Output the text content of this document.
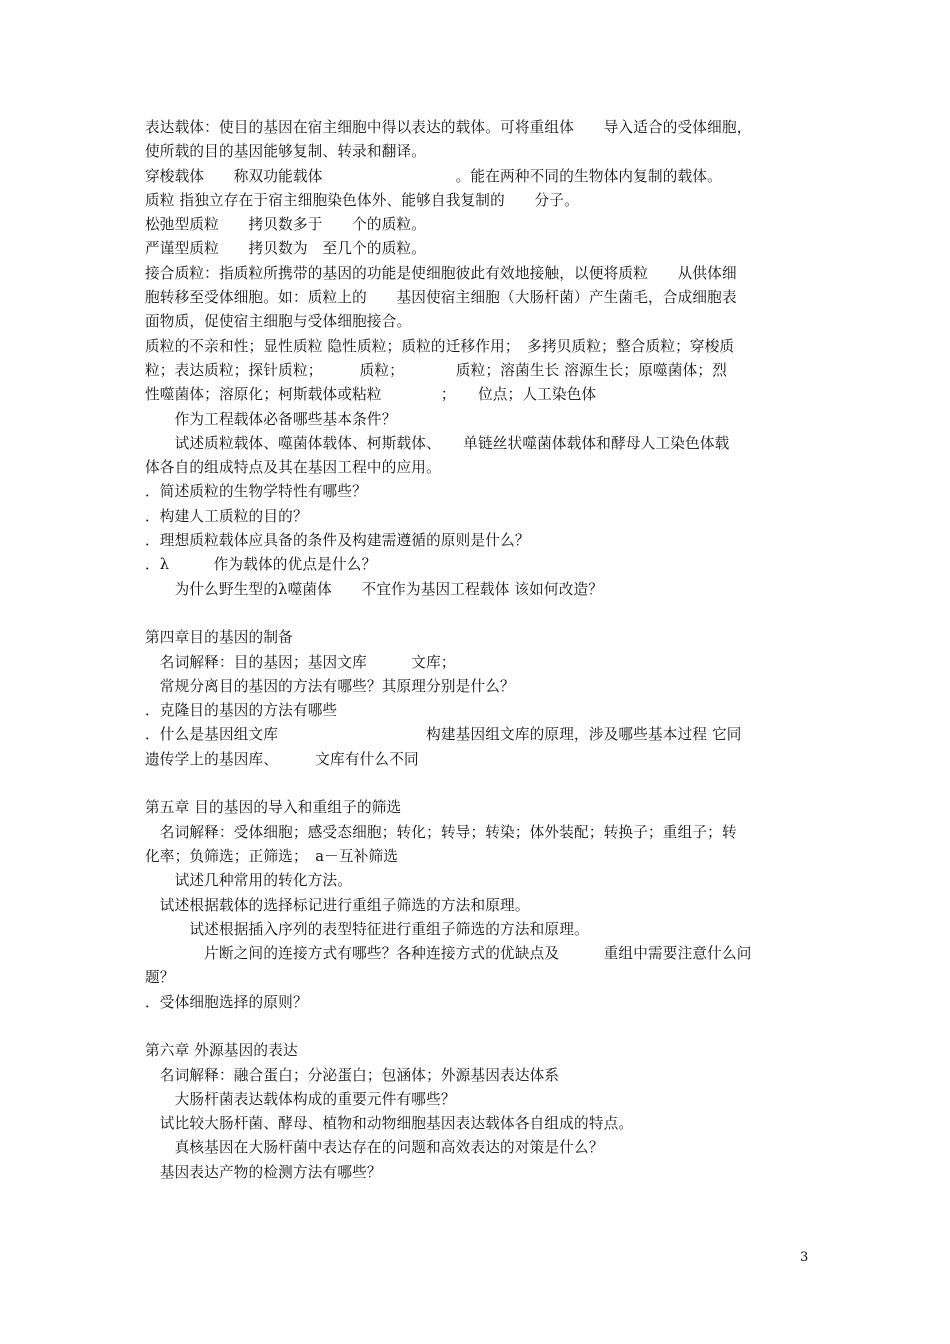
表达载体：使目的基因在宿主细胞中得以表达的载体。可将重组体　　导入适合的受体细胞，
使所载的目的基因能够复制、转录和翻译。
穿梭载体　　称双功能载体　　　　　　　　　。能在两种不同的生物体内复制的载体。
质粒 指独立存在于宿主细胞染色体外、能够自我复制的　　分子。
松弛型质粒　　拷贝数多于　　个的质粒。
严谨型质粒　　拷贝数为　至几个的质粒。
接合质粒：指质粒所携带的基因的功能是使细胞彼此有效地接触，以便将质粒　　从供体细
胞转移至受体细胞。如：质粒上的　　基因使宿主细胞（大肠杆菌）产生菌毛，合成细胞表
面物质，促使宿主细胞与受体细胞接合。
质粒的不亲和性；显性质粒 隐性质粒；质粒的迁移作用；　多拷贝质粒；整合质粒；穿梭质
粒；表达质粒；探针质粒；　　　质粒；　　　　质粒；溶菌生长 溶源生长；原噬菌体；烈
性噬菌体；溶原化；柯斯载体或粘粒　　　　；　　位点；人工染色体
　　作为工程载体必备哪些基本条件？
　　试述质粒载体、噬菌体载体、柯斯载体、　　单链丝状噬菌体载体和酵母人工染色体载
体各自的组成特点及其在基因工程中的应用。
．简述质粒的生物学特性有哪些？
．构建人工质粒的目的？
．理想质粒载体应具备的条件及构建需遵循的原则是什么？
．λ　　　作为载体的优点是什么？
　　为什么野生型的λ噬菌体　　不宜作为基因工程载体 该如何改造？
第四章目的基因的制备
　名词解释：目的基因；基因文库　　　文库；
　常规分离目的基因的方法有哪些？其原理分别是什么？
．克隆目的基因的方法有哪些
．什么是基因组文库　　　　　　　　　　构建基因组文库的原理，涉及哪些基本过程 它同
遗传学上的基因库、　　　文库有什么不同
第五章 目的基因的导入和重组子的筛选
　名词解释：受体细胞；感受态细胞；转化；转导；转染；体外装配；转换子；重组子；转
化率；负筛选；正筛选；　a－互补筛选
　　试述几种常用的转化方法。
　试述根据载体的选择标记进行重组子筛选的方法和原理。
　　　试述根据插入序列的表型特征进行重组子筛选的方法和原理。
　　　　片断之间的连接方式有哪些？各种连接方式的优缺点及　　　重组中需要注意什么问
题？
．受体细胞选择的原则？
第六章 外源基因的表达
　名词解释：融合蛋白；分泌蛋白；包涵体；外源基因表达体系
　　大肠杆菌表达载体构成的重要元件有哪些？
　试比较大肠杆菌、酵母、植物和动物细胞基因表达载体各自组成的特点。
　　真核基因在大肠杆菌中表达存在的问题和高效表达的对策是什么？
　基因表达产物的检测方法有哪些？
3
